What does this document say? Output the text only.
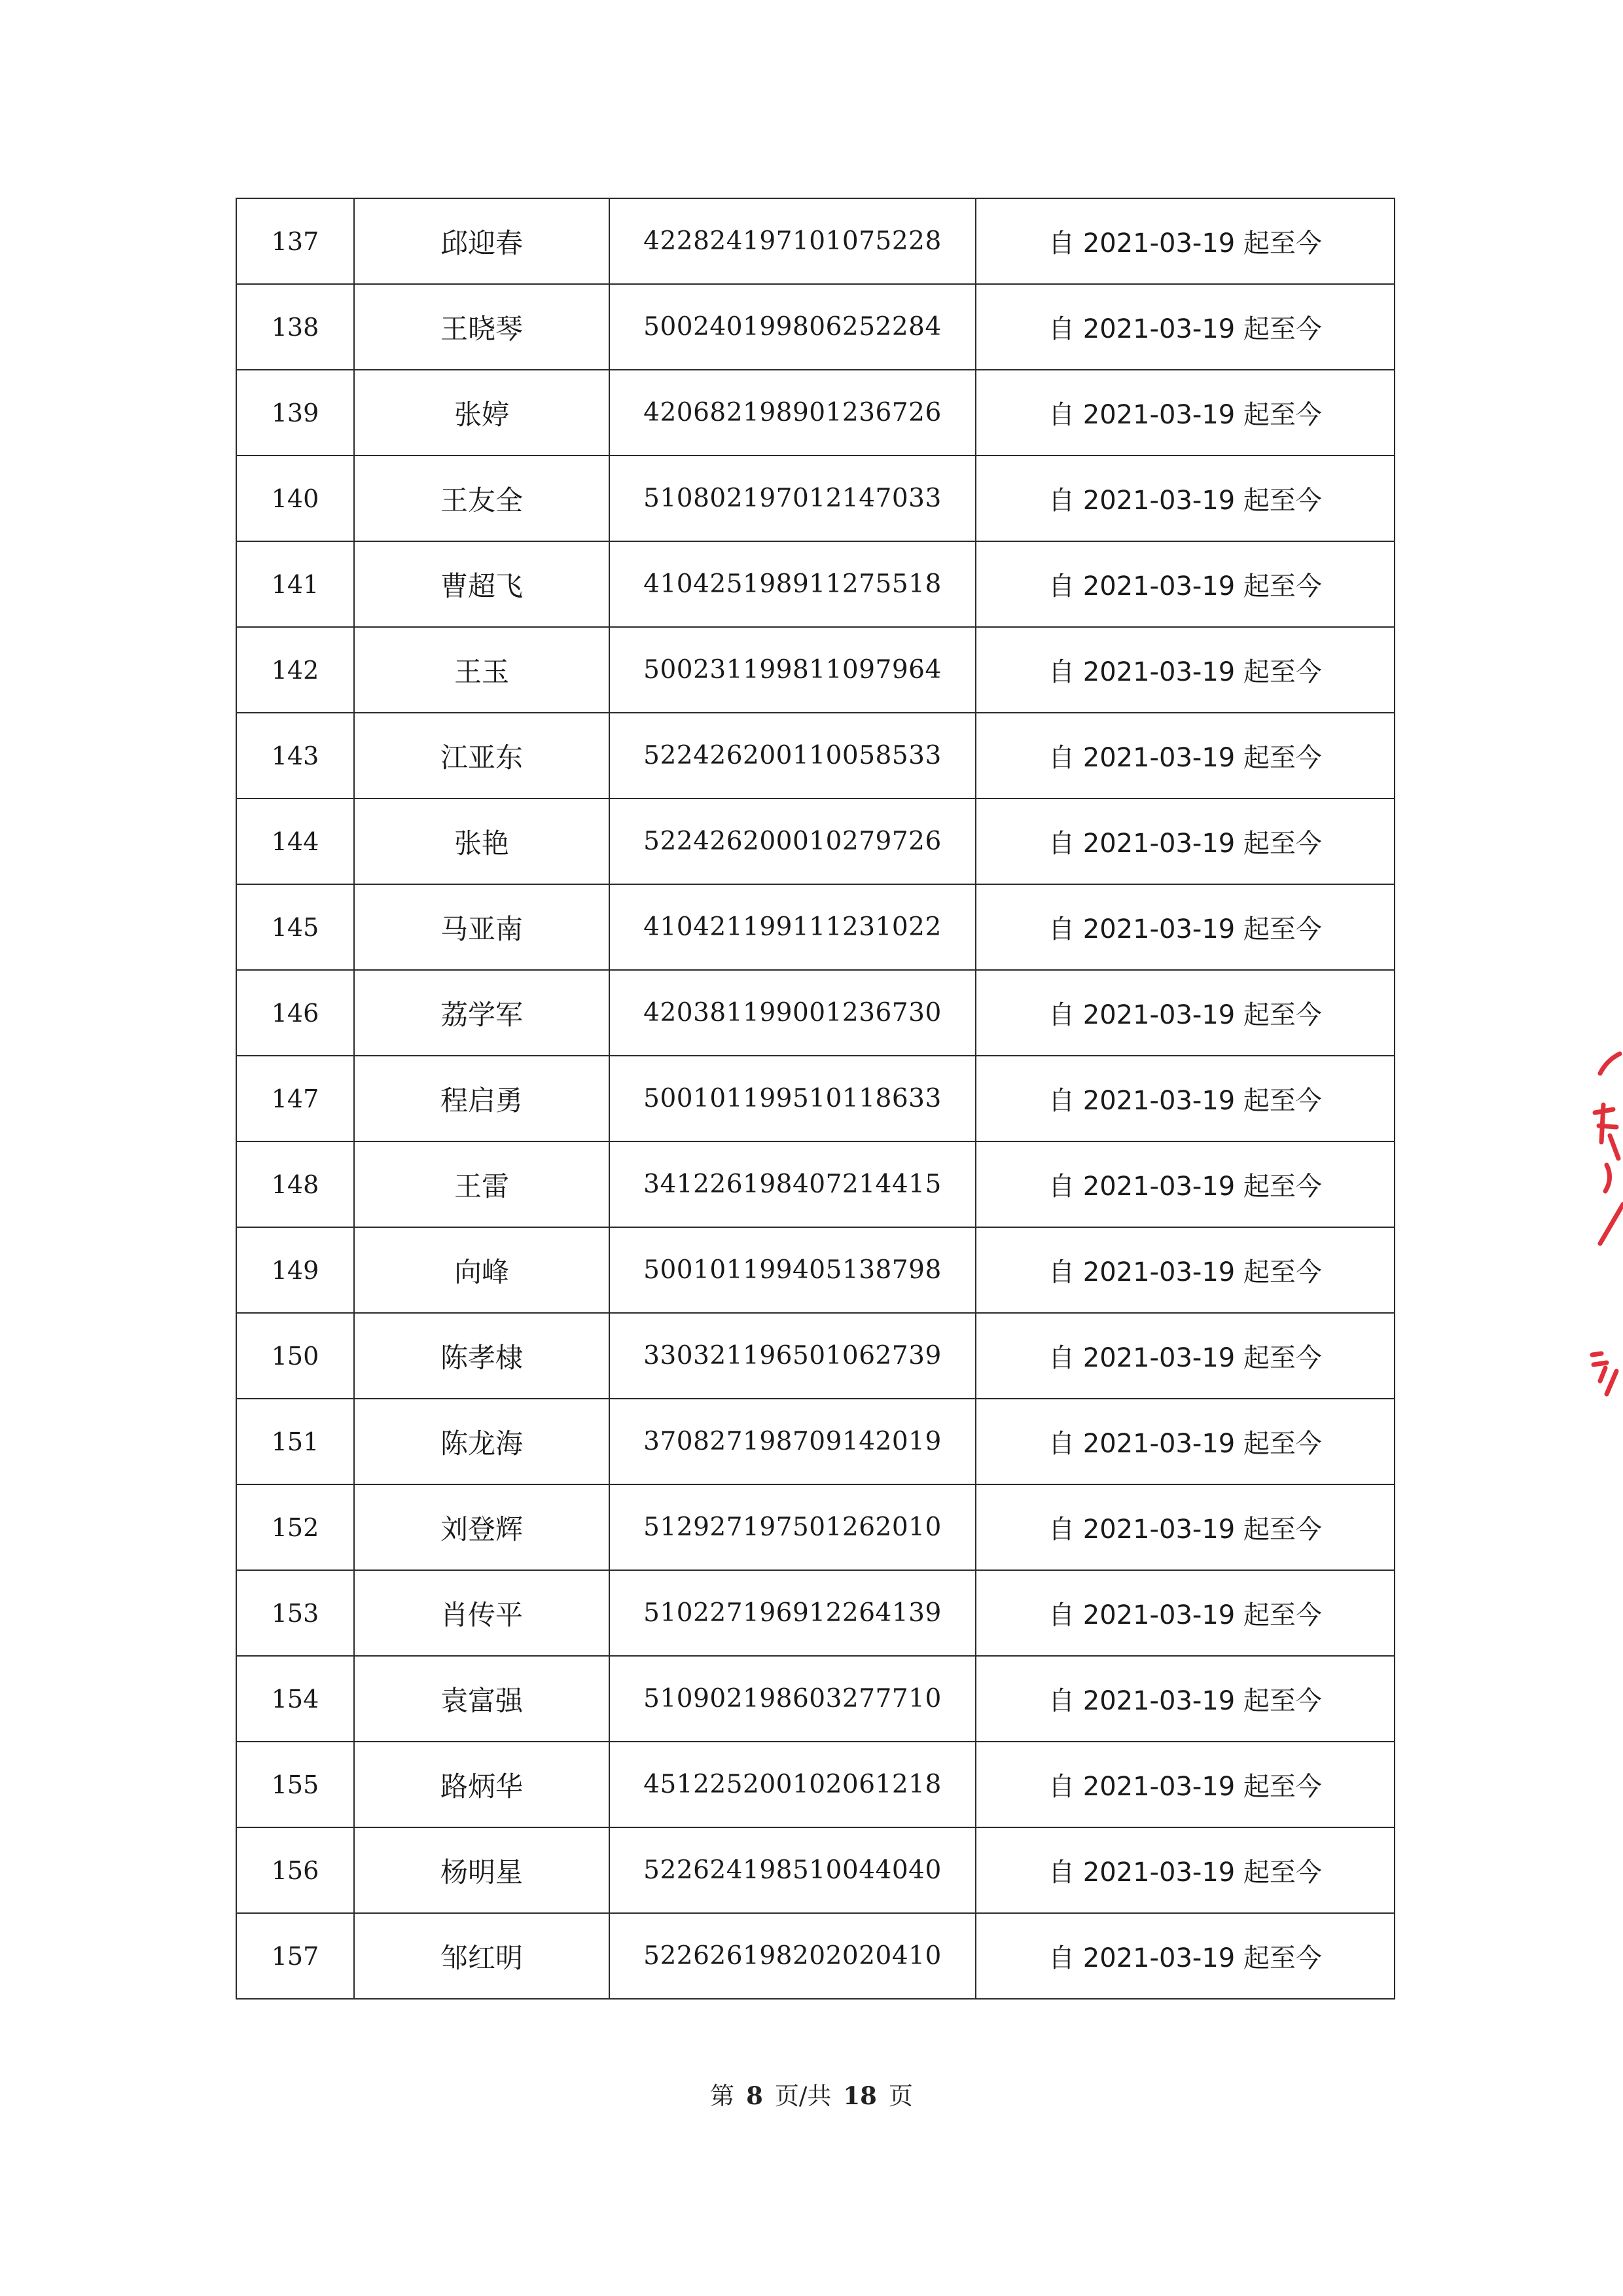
137	邱迎春	422824197101075228	自 2021-03-19 起至今
138	王晓琴	500240199806252284	自 2021-03-19 起至今
139	张婷	420682198901236726	自 2021-03-19 起至今
140	王友全	510802197012147033	自 2021-03-19 起至今
141	曹超飞	410425198911275518	自 2021-03-19 起至今
142	王玉	500231199811097964	自 2021-03-19 起至今
143	江亚东	522426200110058533	自 2021-03-19 起至今
144	张艳	522426200010279726	自 2021-03-19 起至今
145	马亚南	410421199111231022	自 2021-03-19 起至今
146	荔学军	420381199001236730	自 2021-03-19 起至今
147	程启勇	500101199510118633	自 2021-03-19 起至今
148	王雷	341226198407214415	自 2021-03-19 起至今
149	向峰	500101199405138798	自 2021-03-19 起至今
150	陈孝棣	330321196501062739	自 2021-03-19 起至今
151	陈龙海	370827198709142019	自 2021-03-19 起至今
152	刘登辉	512927197501262010	自 2021-03-19 起至今
153	肖传平	510227196912264139	自 2021-03-19 起至今
154	袁富强	510902198603277710	自 2021-03-19 起至今
155	路炳华	451225200102061218	自 2021-03-19 起至今
156	杨明星	522624198510044040	自 2021-03-19 起至今
157	邹红明	522626198202020410	自 2021-03-19 起至今
第 8 页/共 18 页
